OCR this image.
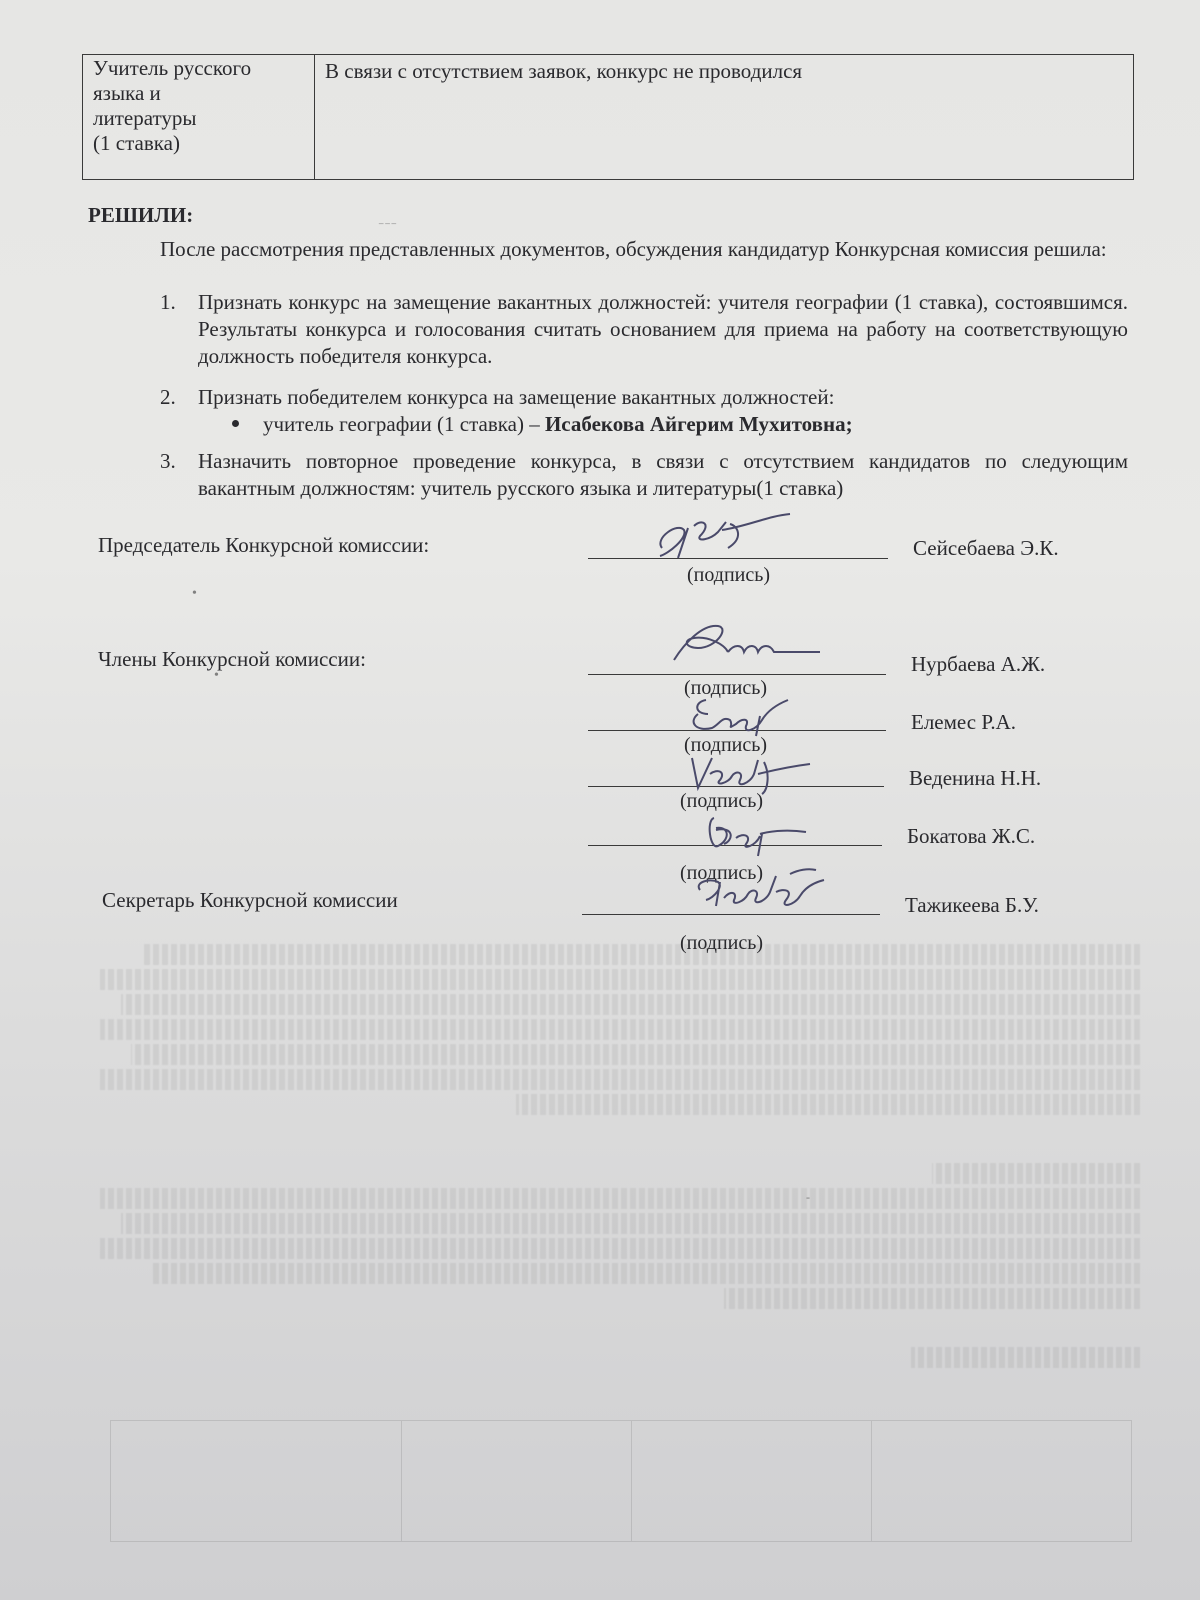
Учитель русского
языка и
литературы
(1 ставка)
В связи с отсутствием заявок, конкурс не проводился
РЕШИЛИ:	⁻⁻⁻
После рассмотрения представленных документов, обсуждения кандидатур Конкурсная комиссия решила:
1. Признать конкурс на замещение вакантных должностей: учителя географии (1 ставка), состоявшимся. Результаты конкурса и голосования считать основанием для приема на работу на соответствующую должность победителя конкурса.
2. Признать победителем конкурса на замещение вакантных должностей:
учитель географии (1 ставка) – Исабекова Айгерим Мухитовна;
3. Назначить повторное проведение конкурса, в связи с отсутствием кандидатов по следующим вакантным должностям: учитель русского языка и литературы(1 ставка)
Председатель Конкурсной комиссии:
(подпись)
Сейсебаева Э.К.
Члены Конкурсной комиссии:
(подпись)
Нурбаева А.Ж.
(подпись)
Елемес Р.А.
(подпись)
Веденина Н.Н.
(подпись)
Бокатова Ж.С.
Секретарь Конкурсной комиссии
(подпись)
Тажикеева Б.У.
•
•
-
